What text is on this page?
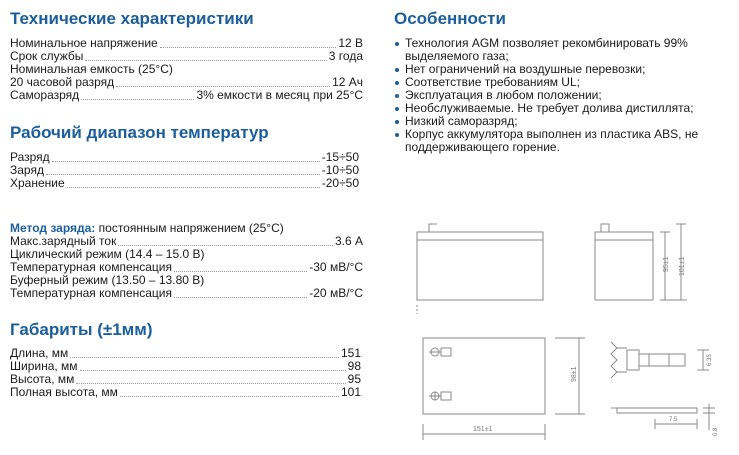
Технические характеристики
Номинальное напряжение	12 В
Срок службы	3 года
Номинальная емкость (25°C)
20 часовой разряд	12 Ач
Саморазряд	3% емкости в месяц при 25°C
Рабочий диапазон температур
Разряд	-15÷50
Заряд	-10÷50
Хранение	-20÷50
Метод заряда: постоянным напряжением (25°C)
Макс.зарядный ток	3.6 А
Циклический режим (14.4 – 15.0 В)
Температурная компенсация	-30 мВ/°C
Буферный режим (13.50 – 13.80 В)
Температурная компенсация	-20 мВ/°C
Габариты (±1мм)
Длина, мм	151
Ширина, мм	98
Высота, мм	95
Полная высота, мм	101
Особенности
Технология AGM позволяет рекомбинировать 99%
выделяемого газа;
Нет ограничений на воздушные перевозки;
Соответствие требованиям UL;
Эксплуатация в любом положении;
Необслуживаемые. Не требует долива дистиллята;
Низкий саморазряд;
Корпус аккумулятора выполнен из пластика ABS, не
поддерживающего горение.
95±1 101±1
151±1
98±1
6.35
7.5
0.8
